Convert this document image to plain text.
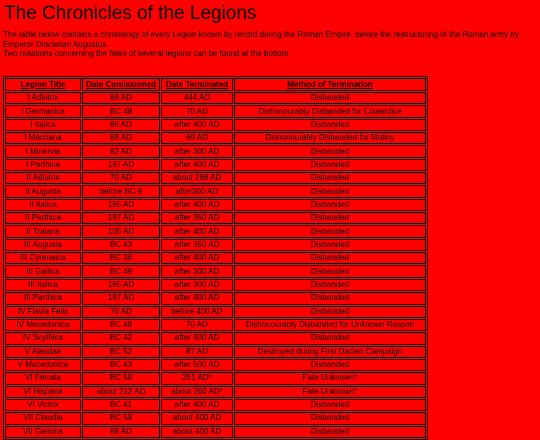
The Chronicles of the Legions

The table below contains a chronology of every Legion known by record during the Roman Empire, before the restructuring of the Roman army by Emperor Diocletian Augustus.

Two notations concerning the fates of several legions can be found at the bottom.

Legion Title	Date Comissioned	Date Terminated	Method of Termination
I Adiutrix	68 AD	444 AD	Disbanded
I Germanica	BC 48	70 AD	Dishonourably Disbanded for Cowardice
I Italica	66 AD	after 400 AD	Disbanded
I Macriana	68 AD	69 AD	Dishonourably Disbanded for Mutiny
I Minervia	82 AD	after 300 AD	Disbanded
I Parthica	197 AD	after 400 AD	Disbanded
II Adiutrix	70 AD	about 268 AD	Disbanded
II Augusta	before BC 9	after300 AD	Disbanded
II Italica	165 AD	after 400 AD	Disbanded
II Parthica	197 AD	after 350 AD	Disbanded
II Traiana	105 AD	after 400 AD	Disbanded
III Augusta	BC 43	after 350 AD	Disbanded
III Cyrenaica	BC 36	after 400 AD	Disbanded
III Gallica	BC 49	after 300 AD	Disbanded
III Italica	165 AD	after 300 AD	Disbanded
III Parthica	197 AD	after 400 AD	Disbanded
IV Flavia Felix	70 AD	before 400 AD	Disbanded
IV Macedonica	BC 48	70 AD	Dishonourably Disbanded for Unknown Reason
IV Scythica	BC 42	after 400 AD	Disbanded
V Alaudae	BC 52	87 AD	Destroyed during First Dacian Campaign
V Macedonica	BC 43	after 500 AD	Disbanded
VI Ferrata	BC 58	251 AD*	Fate Unknown*
VI Hispana	about 212 AD	about 260 AD*	Fate Unknown*
VI Victrix	BC 41	after 400 AD	Disbanded
VII Claudia	BC 58	about 400 AD	Disbanded
VII Gemina	68 AD	about 400 AD	Disbanded
